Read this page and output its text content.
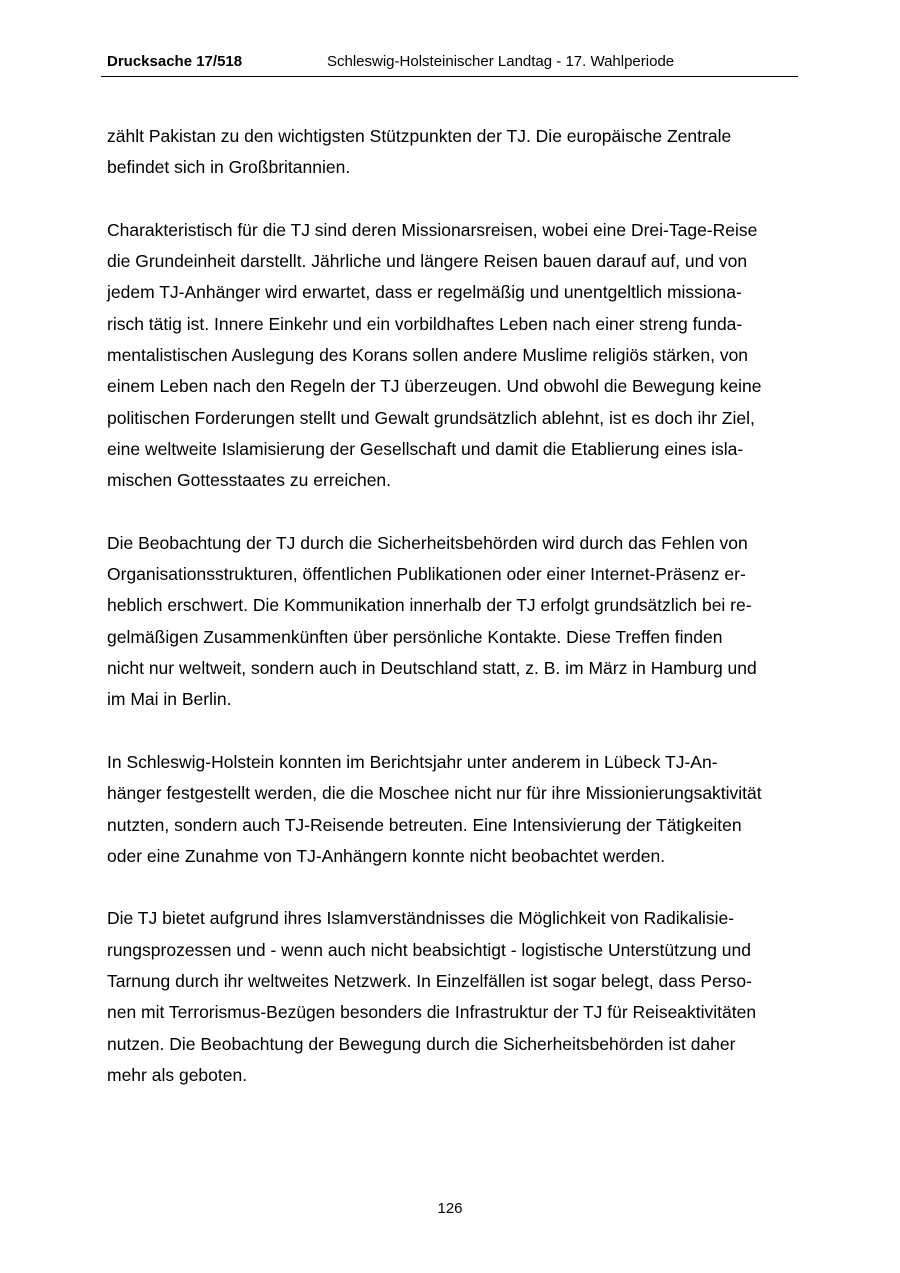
Drucksache 17/518	Schleswig-Holsteinischer Landtag - 17. Wahlperiode
zählt Pakistan zu den wichtigsten Stützpunkten der TJ. Die europäische Zentrale
befindet sich in Großbritannien.
Charakteristisch für die TJ sind deren Missionarsreisen, wobei eine Drei-Tage-Reise
die Grundeinheit darstellt. Jährliche und längere Reisen bauen darauf auf, und von
jedem TJ-Anhänger wird erwartet, dass er regelmäßig und unentgeltlich missiona-
risch tätig ist. Innere Einkehr und ein vorbildhaftes Leben nach einer streng funda-
mentalistischen Auslegung des Korans sollen andere Muslime religiös stärken, von
einem Leben nach den Regeln der TJ überzeugen. Und obwohl die Bewegung keine
politischen Forderungen stellt und Gewalt grundsätzlich ablehnt, ist es doch ihr Ziel,
eine weltweite Islamisierung der Gesellschaft und damit die Etablierung eines isla-
mischen Gottesstaates zu erreichen.
Die Beobachtung der TJ durch die Sicherheitsbehörden wird durch das Fehlen von
Organisationsstrukturen, öffentlichen Publikationen oder einer Internet-Präsenz er-
heblich erschwert. Die Kommunikation innerhalb der TJ erfolgt grundsätzlich bei re-
gelmäßigen Zusammenkünften über persönliche Kontakte. Diese Treffen finden
nicht nur weltweit, sondern auch in Deutschland statt, z. B. im März in Hamburg und
im Mai in Berlin.
In Schleswig-Holstein konnten im Berichtsjahr unter anderem in Lübeck TJ-An-
hänger festgestellt werden, die die Moschee nicht nur für ihre Missionierungsaktivität
nutzten, sondern auch TJ-Reisende betreuten. Eine Intensivierung der Tätigkeiten
oder eine Zunahme von TJ-Anhängern konnte nicht beobachtet werden.
Die TJ bietet aufgrund ihres Islamverständnisses die Möglichkeit von Radikalisie-
rungsprozessen und - wenn auch nicht beabsichtigt - logistische Unterstützung und
Tarnung durch ihr weltweites Netzwerk. In Einzelfällen ist sogar belegt, dass Perso-
nen mit Terrorismus-Bezügen besonders die Infrastruktur der TJ für Reiseaktivitäten
nutzen. Die Beobachtung der Bewegung durch die Sicherheitsbehörden ist daher
mehr als geboten.
126
